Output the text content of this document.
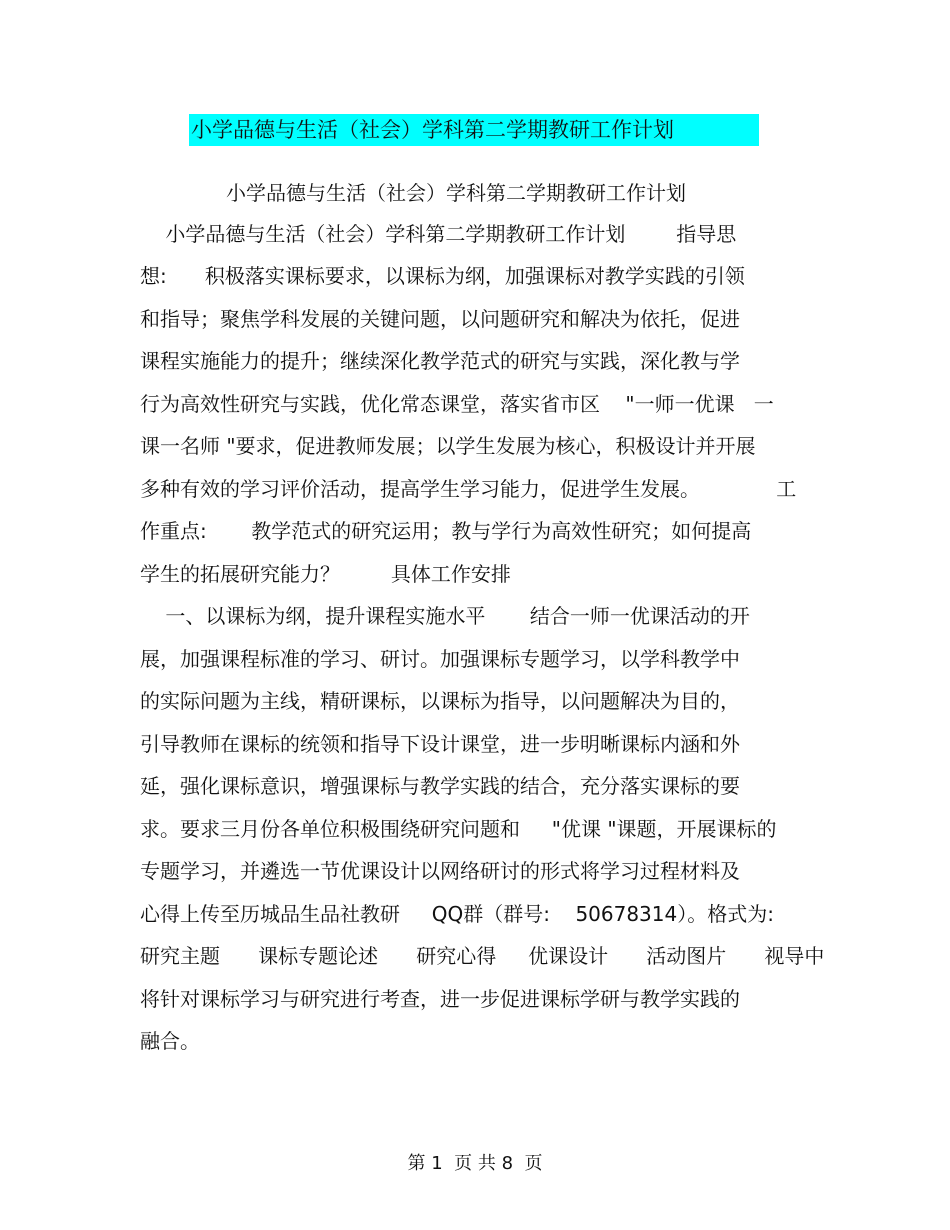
小学品德与生活（社会）学科第二学期教研工作计划
小学品德与生活（社会）学科第二学期教研工作计划
小学品德与生活（社会）学科第二学期教研工作计划        指导思
想:      积极落实课标要求，以课标为纲，加强课标对教学实践的引领
和指导；聚焦学科发展的关键问题，以问题研究和解决为依托，促进
课程实施能力的提升；继续深化教学范式的研究与实践，深化教与学
行为高效性研究与实践，优化常态课堂，落实省市区    "一师一优课   一
课一名师 "要求，促进教师发展；以学生发展为核心，积极设计并开展
多种有效的学习评价活动，提高学生学习能力，促进学生发展。            工
作重点:       教学范式的研究运用；教与学行为高效性研究；如何提高
学生的拓展研究能力？        具体工作安排
一、以课标为纲，提升课程实施水平       结合一师一优课活动的开
展，加强课程标准的学习、研讨。加强课标专题学习，以学科教学中
的实际问题为主线，精研课标，以课标为指导，以问题解决为目的，
引导教师在课标的统领和指导下设计课堂，进一步明晰课标内涵和外
延，强化课标意识，增强课标与教学实践的结合，充分落实课标的要
求。要求三月份各单位积极围绕研究问题和     "优课 "课题，开展课标的
专题学习，并遴选一节优课设计以网络研讨的形式将学习过程材料及
心得上传至历城品生品社教研     QQ群（群号:    50678314）。格式为:
研究主题      课标专题论述      研究心得     优课设计      活动图片      视导中
将针对课标学习与研究进行考查，进一步促进课标学研与教学实践的
融合。
第 1  页 共 8  页
